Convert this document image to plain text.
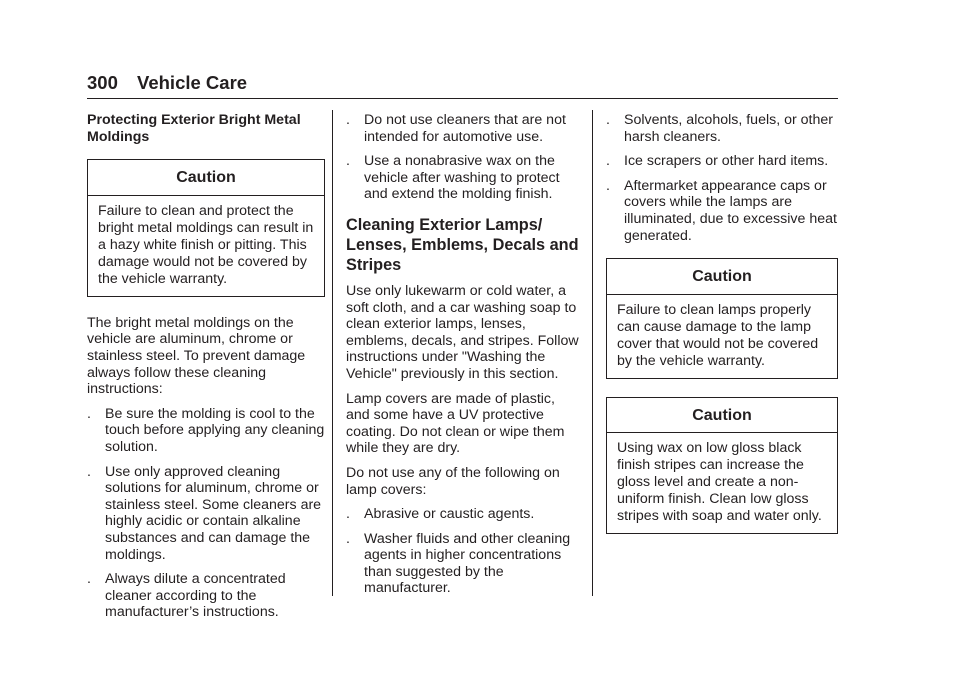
300 Vehicle Care

Protecting Exterior Bright Metal Moldings

Caution
Failure to clean and protect the bright metal moldings can result in a hazy white finish or pitting. This damage would not be covered by the vehicle warranty.

The bright metal moldings on the vehicle are aluminum, chrome or stainless steel. To prevent damage always follow these cleaning instructions:

. Be sure the molding is cool to the touch before applying any cleaning solution.
. Use only approved cleaning solutions for aluminum, chrome or stainless steel. Some cleaners are highly acidic or contain alkaline substances and can damage the moldings.
. Always dilute a concentrated cleaner according to the manufacturer’s instructions.
. Do not use cleaners that are not intended for automotive use.
. Use a nonabrasive wax on the vehicle after washing to protect and extend the molding finish.
Cleaning Exterior Lamps/ Lenses, Emblems, Decals and Stripes

Use only lukewarm or cold water, a soft cloth, and a car washing soap to clean exterior lamps, lenses, emblems, decals, and stripes. Follow instructions under "Washing the Vehicle" previously in this section.

Lamp covers are made of plastic, and some have a UV protective coating. Do not clean or wipe them while they are dry.

Do not use any of the following on lamp covers:

. Abrasive or caustic agents.
. Washer fluids and other cleaning agents in higher concentrations than suggested by the manufacturer.
. Solvents, alcohols, fuels, or other harsh cleaners.
. Ice scrapers or other hard items.
. Aftermarket appearance caps or covers while the lamps are illuminated, due to excessive heat generated.
Caution
Failure to clean lamps properly can cause damage to the lamp cover that would not be covered by the vehicle warranty.
Caution
Using wax on low gloss black finish stripes can increase the gloss level and create a non-uniform finish. Clean low gloss stripes with soap and water only.
